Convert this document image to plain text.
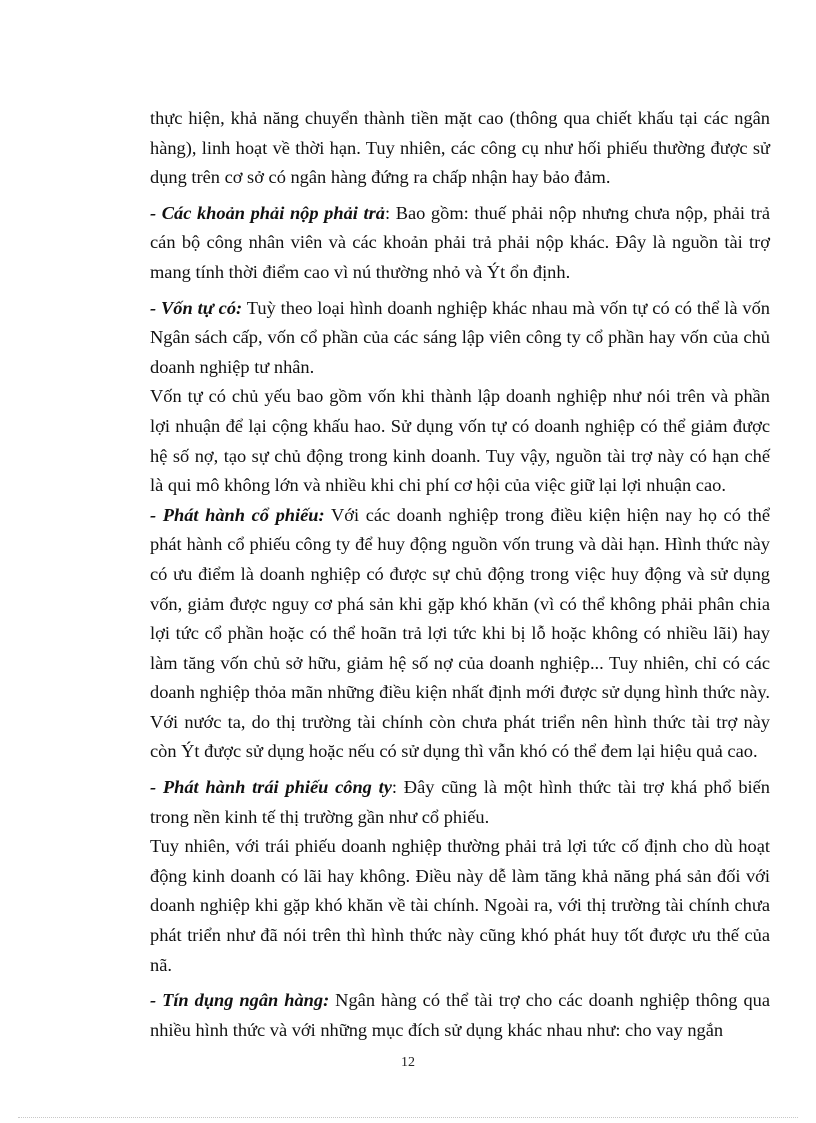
thực hiện, khả năng chuyển thành tiền mặt cao (thông qua chiết khấu tại các ngân hàng), linh hoạt về thời hạn. Tuy nhiên, các công cụ như hối phiếu thường được sử dụng trên cơ sở có ngân hàng đứng ra chấp nhận hay bảo đảm.

- Các khoản phải nộp phải trả: Bao gồm: thuế phải nộp nhưng chưa nộp, phải trả cán bộ công nhân viên và các khoản phải trả phải nộp khác. Đây là nguồn tài trợ mang tính thời điểm cao vì nú thường nhỏ và Ýt ổn định.

- Vốn tự có: Tuỳ theo loại hình doanh nghiệp khác nhau mà vốn tự có có thể là vốn Ngân sách cấp, vốn cổ phần của các sáng lập viên công ty cổ phần hay vốn của chủ doanh nghiệp tư nhân.

Vốn tự có chủ yếu bao gồm vốn khi thành lập doanh nghiệp như nói trên và phần lợi nhuận để lại cộng khấu hao. Sử dụng vốn tự có doanh nghiệp có thể giảm được hệ số nợ, tạo sự chủ động trong kinh doanh. Tuy vậy, nguồn tài trợ này có hạn chế là qui mô không lớn và nhiều khi chi phí cơ hội của việc giữ lại lợi nhuận cao.

- Phát hành cổ phiếu: Với các doanh nghiệp trong điều kiện hiện nay họ có thể phát hành cổ phiếu công ty để huy động nguồn vốn trung và dài hạn. Hình thức này có ưu điểm là doanh nghiệp có được sự chủ động trong việc huy động và sử dụng vốn, giảm được nguy cơ phá sản khi gặp khó khăn (vì có thể không phải phân chia lợi tức cổ phần hoặc có thể hoãn trả lợi tức khi bị lỗ hoặc không có nhiều lãi) hay làm tăng vốn chủ sở hữu, giảm hệ số nợ của doanh nghiệp... Tuy nhiên, chỉ có các doanh nghiệp thỏa mãn những điều kiện nhất định mới được sử dụng hình thức này. Với nước ta, do thị trường tài chính còn chưa phát triển nên hình thức tài trợ này còn Ýt được sử dụng hoặc nếu có sử dụng thì vẫn khó có thể đem lại hiệu quả cao.

- Phát hành trái phiếu công ty: Đây cũng là một hình thức tài trợ khá phổ biến trong nền kinh tế thị trường gần như cổ phiếu.

Tuy nhiên, với trái phiếu doanh nghiệp thường phải trả lợi tức cố định cho dù hoạt động kinh doanh có lãi hay không. Điều này dễ làm tăng khả năng phá sản đối với doanh nghiệp khi gặp khó khăn về tài chính. Ngoài ra, với thị trường tài chính chưa phát triển như đã nói trên thì hình thức này cũng khó phát huy tốt được ưu thế của nã.

- Tín dụng ngân hàng: Ngân hàng có thể tài trợ cho các doanh nghiệp thông qua nhiều hình thức và với những mục đích sử dụng khác nhau như: cho vay ngắn

12
